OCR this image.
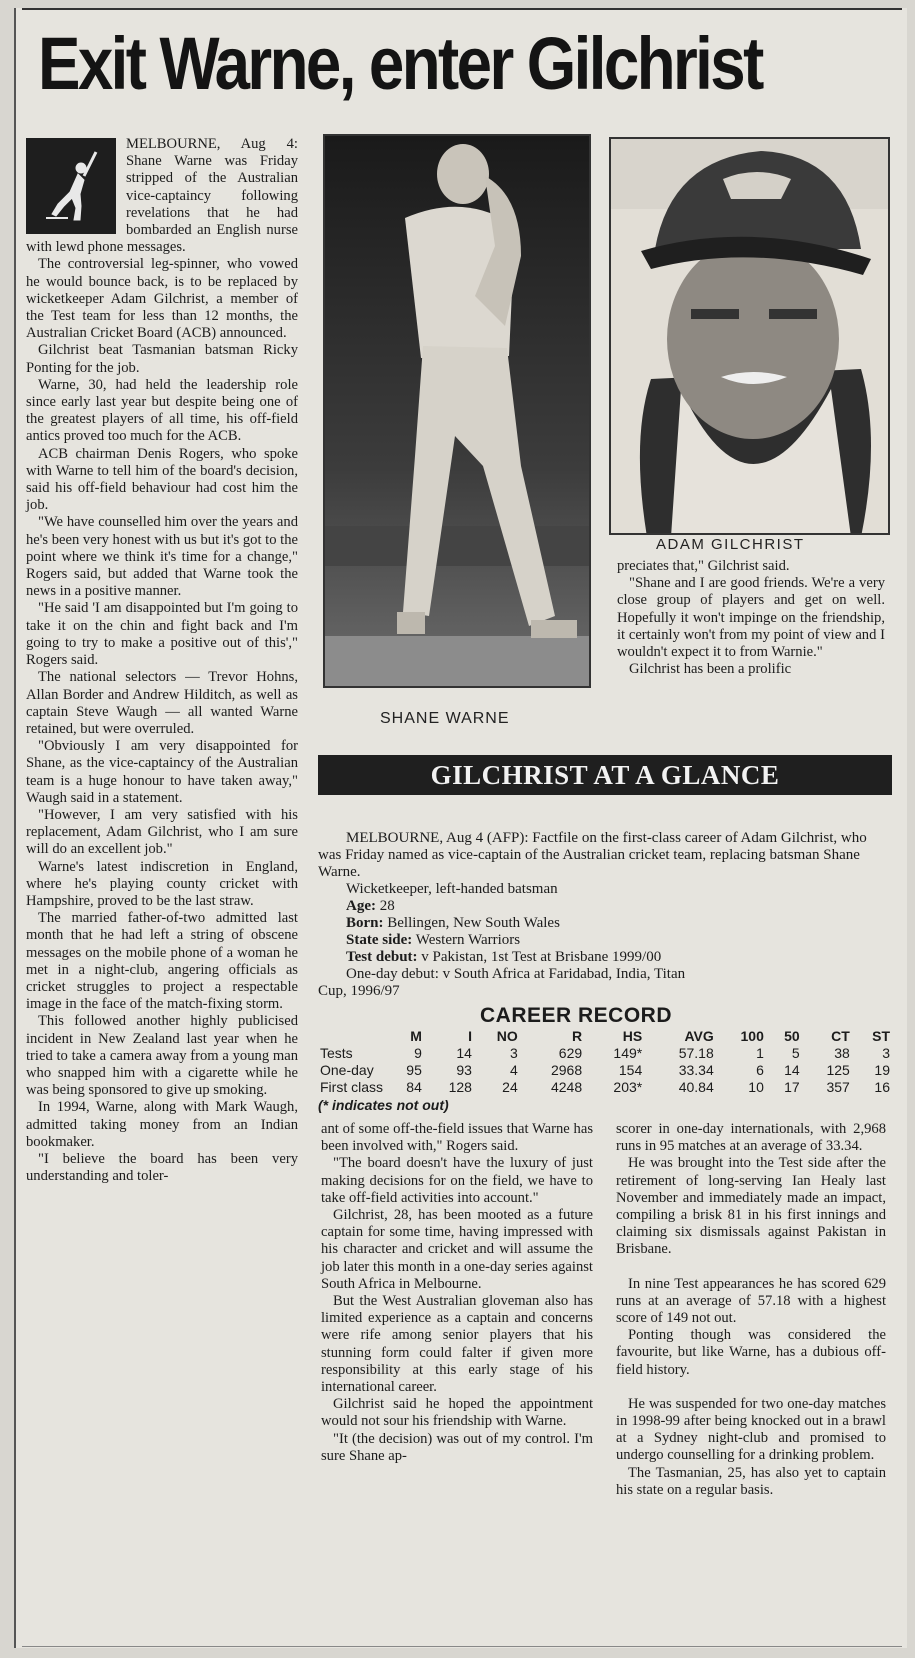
Exit Warne, enter Gilchrist

MELBOURNE, Aug 4: Shane Warne was Friday stripped of the Australian vice-captaincy following revelations that he had bombarded an English nurse with lewd phone messages.

The controversial leg-spinner, who vowed he would bounce back, is to be replaced by wicketkeeper Adam Gilchrist, a member of the Test team for less than 12 months, the Australian Cricket Board (ACB) announced.

Gilchrist beat Tasmanian batsman Ricky Ponting for the job.

Warne, 30, had held the leadership role since early last year but despite being one of the greatest players of all time, his off-field antics proved too much for the ACB.

ACB chairman Denis Rogers, who spoke with Warne to tell him of the board's decision, said his off-field behaviour had cost him the job.

"We have counselled him over the years and he's been very honest with us but it's got to the point where we think it's time for a change," Rogers said, but added that Warne took the news in a positive manner.

"He said 'I am disappointed but I'm going to take it on the chin and fight back and I'm going to try to make a positive out of this'," Rogers said.

The national selectors — Trevor Hohns, Allan Border and Andrew Hilditch, as well as captain Steve Waugh — all wanted Warne retained, but were overruled.

"Obviously I am very disappointed for Shane, as the vice-captaincy of the Australian team is a huge honour to have taken away," Waugh said in a statement.

"However, I am very satisfied with his replacement, Adam Gilchrist, who I am sure will do an excellent job."

Warne's latest indiscretion in England, where he's playing county cricket with Hampshire, proved to be the last straw.

The married father-of-two admitted last month that he had left a string of obscene messages on the mobile phone of a woman he met in a night-club, angering officials as cricket struggles to project a respectable image in the face of the match-fixing storm.

This followed another highly publicised incident in New Zealand last year when he tried to take a camera away from a young man who snapped him with a cigarette while he was being sponsored to give up smoking.

In 1994, Warne, along with Mark Waugh, admitted taking money from an Indian bookmaker.

"I believe the board has been very understanding and toler-

SHANE WARNE
ADAM GILCHRIST

preciates that," Gilchrist said.

"Shane and I are good friends. We're a very close group of players and get on well. Hopefully it won't impinge on the friendship, it certainly won't from my point of view and I wouldn't expect it to from Warnie."

Gilchrist has been a prolific

GILCHRIST AT A GLANCE

MELBOURNE, Aug 4 (AFP): Factfile on the first-class career of Adam Gilchrist, who was Friday named as vice-captain of the Australian cricket team, replacing batsman Shane Warne.

Wicketkeeper, left-handed batsman
Age: 28
Born: Bellingen, New South Wales
State side: Western Warriors
Test debut: v Pakistan, 1st Test at Brisbane 1999/00
One-day debut: v South Africa at Faridabad, India, Titan
Cup, 1996/97
CAREER RECORD
	M	I	NO	R	HS	AVG	100	50	CT	ST
Tests	9	14	3	629	149*	57.18	1	5	38	3
One-day	95	93	4	2968	154	33.34	6	14	125	19
First class	84	128	24	4248	203*	40.84	10	17	357	16
(* indicates not out)

ant of some off-the-field issues that Warne has been involved with," Rogers said.

"The board doesn't have the luxury of just making decisions for on the field, we have to take off-field activities into account."

Gilchrist, 28, has been mooted as a future captain for some time, having impressed with his character and cricket and will assume the job later this month in a one-day series against South Africa in Melbourne.

But the West Australian gloveman also has limited experience as a captain and concerns were rife among senior players that his stunning form could falter if given more responsibility at this early stage of his international career.

Gilchrist said he hoped the appointment would not sour his friendship with Warne.

"It (the decision) was out of my control. I'm sure Shane ap-

scorer in one-day internationals, with 2,968 runs in 95 matches at an average of 33.34.

He was brought into the Test side after the retirement of long-serving Ian Healy last November and immediately made an impact, compiling a brisk 81 in his first innings and claiming six dismissals against Pakistan in Brisbane.

In nine Test appearances he has scored 629 runs at an average of 57.18 with a highest score of 149 not out.

Ponting though was considered the favourite, but like Warne, has a dubious off-field history.

He was suspended for two one-day matches in 1998-99 after being knocked out in a brawl at a Sydney night-club and promised to undergo counselling for a drinking problem.

The Tasmanian, 25, has also yet to captain his state on a regular basis.
